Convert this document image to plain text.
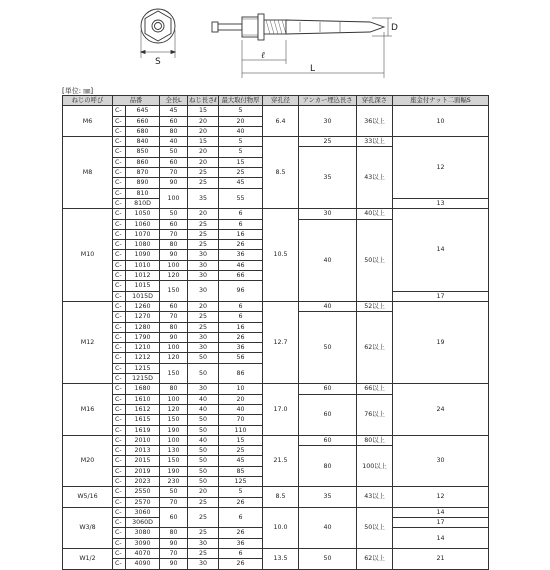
S
ℓ
L
D
[単位: ㎜]
ねじの呼び	品番		全長L	ねじ長さℓ	最大取付物厚	穿孔径	アンカー埋込長さ	穿孔深さ	座金付ナット二面幅S
M6	C-	645	45	15	5	6.4	30	36以上	10
	C-	660	60	20	20				
	C-	680	80	20	40				
M8	C-	840	40	15	5	8.5	25	33以上	12
	C-	850	50	20	5		35	43以上	
	C-	860	60	20	15				
	C-	870	70	25	25				
	C-	890	90	25	45				
	C-	810	100	35	55				
	C-	810D							13
M10	C-	1050	50	20	6	10.5	30	40以上	14
	C-	1060	60	25	6		40	50以上	
	C-	1070	70	25	16				
	C-	1080	80	25	26				
	C-	1090	90	30	36				
	C-	1010	100	30	46				
	C-	1012	120	30	66				
	C-	1015	150	30	96				
	C-	1015D							17
M12	C-	1260	60	20	6	12.7	40	52以上	19
	C-	1270	70	25	6		50	62以上	
	C-	1280	80	25	16				
	C-	1790	90	30	26				
	C-	1210	100	30	36				
	C-	1212	120	50	56				
	C-	1215	150	50	86				
	C-	1215D							
M16	C-	1680	80	30	10	17.0	60	66以上	24
	C-	1610	100	40	20		60	76以上	
	C-	1612	120	40	40				
	C-	1615	150	50	70				
	C-	1619	190	50	110				
M20	C-	2010	100	40	15	21.5	60	80以上	30
	C-	2013	130	50	25		80	100以上	
	C-	2015	150	50	45				
	C-	2019	190	50	85				
	C-	2023	230	50	125				
W5/16	C-	2550	50	20	5	8.5	35	43以上	12
	C-	2570	70	25	26				
W3/8	C-	3060	60	25	6	10.0	40	50以上	14
	C-	3060D							17
	C-	3080	80	25	26				14
	C-	3090	90	30	36				
W1/2	C-	4070	70	25	6	13.5	50	62以上	21
	C-	4090	90	30	26				
